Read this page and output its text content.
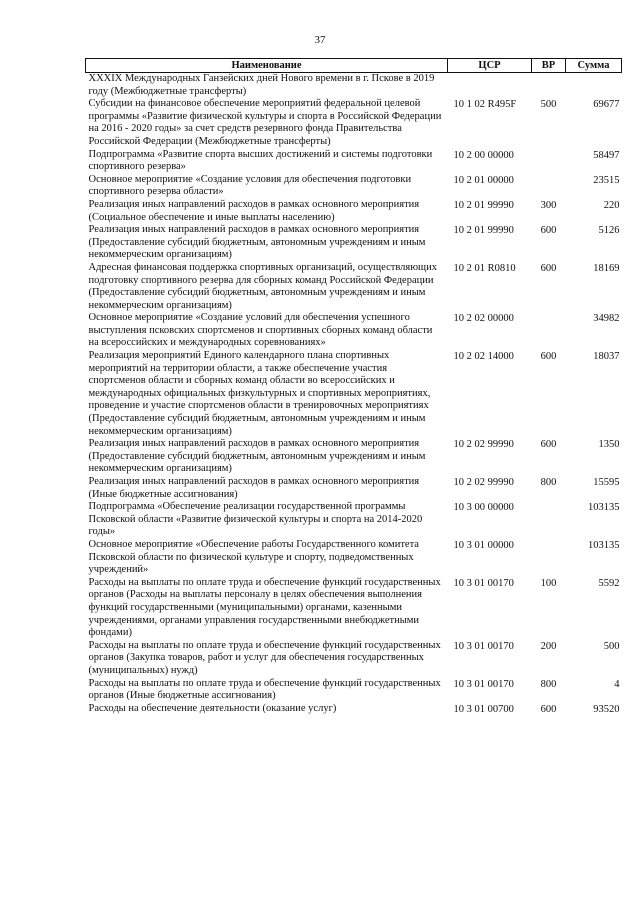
37
Наименование	ЦСР	ВР	Сумма
XXXIX Международных Ганзейских дней Нового времени в г. Пскове в 2019 году (Межбюджетные трансферты)			
Субсидии на финансовое обеспечение мероприятий федеральной целевой программы «Развитие физической культуры и спорта в Российской Федерации на 2016 - 2020 годы» за счет средств резервного фонда Правительства Российской Федерации (Межбюджетные трансферты)	10 1 02 R495F	500	69677
Подпрограмма «Развитие спорта высших достижений и системы подготовки спортивного резерва»	10 2 00 00000		58497
Основное мероприятие «Создание условия для обеспечения подготовки спортивного резерва области»	10 2 01 00000		23515
Реализация иных направлений расходов в рамках основного мероприятия (Социальное обеспечение и иные выплаты населению)	10 2 01 99990	300	220
Реализация иных направлений расходов в рамках основного мероприятия (Предоставление субсидий бюджетным, автономным учреждениям и иным некоммерческим организациям)	10 2 01 99990	600	5126
Адресная финансовая поддержка спортивных организаций, осуществляющих подготовку спортивного резерва для сборных команд Российской Федерации (Предоставление субсидий бюджетным, автономным учреждениям и иным некоммерческим организациям)	10 2 01 R0810	600	18169
Основное мероприятие «Создание условий для обеспечения успешного выступления псковских спортсменов и спортивных сборных команд области на всероссийских и международных соревнованиях»	10 2 02 00000		34982
Реализация мероприятий Единого календарного плана спортивных мероприятий на территории области, а также обеспечение участия спортсменов области и сборных команд области во всероссийских и международных официальных физкультурных и спортивных мероприятиях, проведение и участие спортсменов области в тренировочных мероприятиях (Предоставление субсидий бюджетным, автономным учреждениям и иным некоммерческим организациям)	10 2 02 14000	600	18037
Реализация иных направлений расходов в рамках основного мероприятия (Предоставление субсидий бюджетным, автономным учреждениям и иным некоммерческим организациям)	10 2 02 99990	600	1350
Реализация иных направлений расходов в рамках основного мероприятия (Иные бюджетные ассигнования)	10 2 02 99990	800	15595
Подпрограмма «Обеспечение реализации государственной программы Псковской области «Развитие физической культуры и спорта на 2014-2020 годы»	10 3 00 00000		103135
Основное мероприятие «Обеспечение работы Государственного комитета Псковской области по физической культуре и спорту, подведомственных учреждений»	10 3 01 00000		103135
Расходы на выплаты по оплате труда и обеспечение функций государственных органов (Расходы на выплаты персоналу в целях обеспечения выполнения функций государственными (муниципальными) органами, казенными учреждениями, органами управления государственными внебюджетными фондами)	10 3 01 00170	100	5592
Расходы на выплаты по оплате труда и обеспечение функций государственных органов (Закупка товаров, работ и услуг для обеспечения государственных (муниципальных) нужд)	10 3 01 00170	200	500
Расходы на выплаты по оплате труда и обеспечение функций государственных органов (Иные бюджетные ассигнования)	10 3 01 00170	800	4
Расходы на обеспечение деятельности (оказание услуг)	10 3 01 00700	600	93520
